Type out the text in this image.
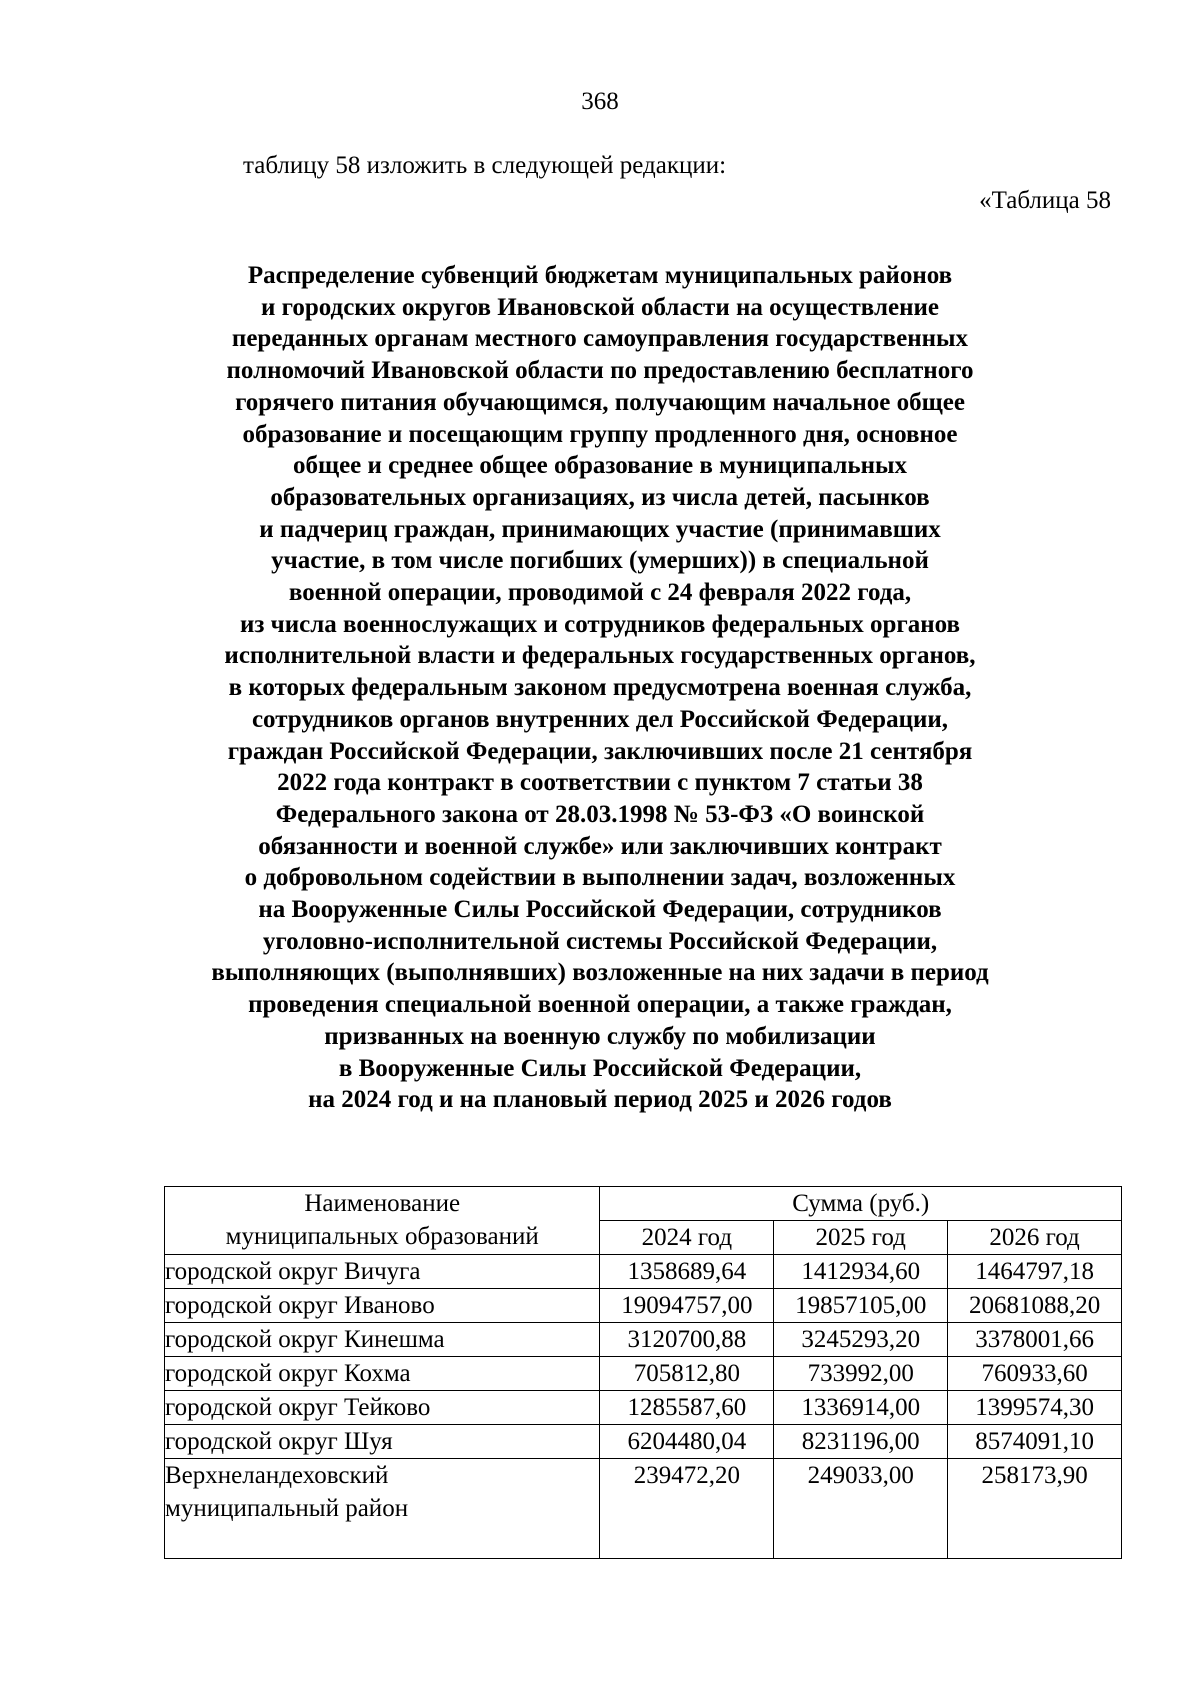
368
таблицу 58 изложить в следующей редакции:
«Таблица 58
Распределение субвенций бюджетам муниципальных районов
и городских округов Ивановской области на осуществление
переданных органам местного самоуправления государственных
полномочий Ивановской области по предоставлению бесплатного
горячего питания обучающимся, получающим начальное общее
образование и посещающим группу продленного дня, основное
общее и среднее общее образование в муниципальных
образовательных организациях, из числа детей, пасынков
и падчериц граждан, принимающих участие (принимавших
участие, в том числе погибших (умерших)) в специальной
военной операции, проводимой с 24 февраля 2022 года,
из числа военнослужащих и сотрудников федеральных органов
исполнительной власти и федеральных государственных органов,
в которых федеральным законом предусмотрена военная служба,
сотрудников органов внутренних дел Российской Федерации,
граждан Российской Федерации, заключивших после 21 сентября
2022 года контракт в соответствии с пунктом 7 статьи 38
Федерального закона от 28.03.1998 № 53-ФЗ «О воинской
обязанности и военной службе» или заключивших контракт
о добровольном содействии в выполнении задач, возложенных
на Вооруженные Силы Российской Федерации, сотрудников
уголовно-исполнительной системы Российской Федерации,
выполняющих (выполнявших) возложенные на них задачи в период
проведения специальной военной операции, а также граждан,
призванных на военную службу по мобилизации
в Вооруженные Силы Российской Федерации,
на 2024 год и на плановый период 2025 и 2026 годов
Наименование
муниципальных образований	Сумма (руб.)		
	2024 год	2025 год	2026 год

городской округ Вичуга	1358689,64	1412934,60	1464797,18

городской округ Иваново	19094757,00	19857105,00	20681088,20

городской округ Кинешма	3120700,88	3245293,20	3378001,66

городской округ Кохма	705812,80	733992,00	760933,60

городской округ Тейково	1285587,60	1336914,00	1399574,30

городской округ Шуя	6204480,04	8231196,00	8574091,10

Верхнеландеховский
муниципальный район	239472,20	249033,00	258173,90
